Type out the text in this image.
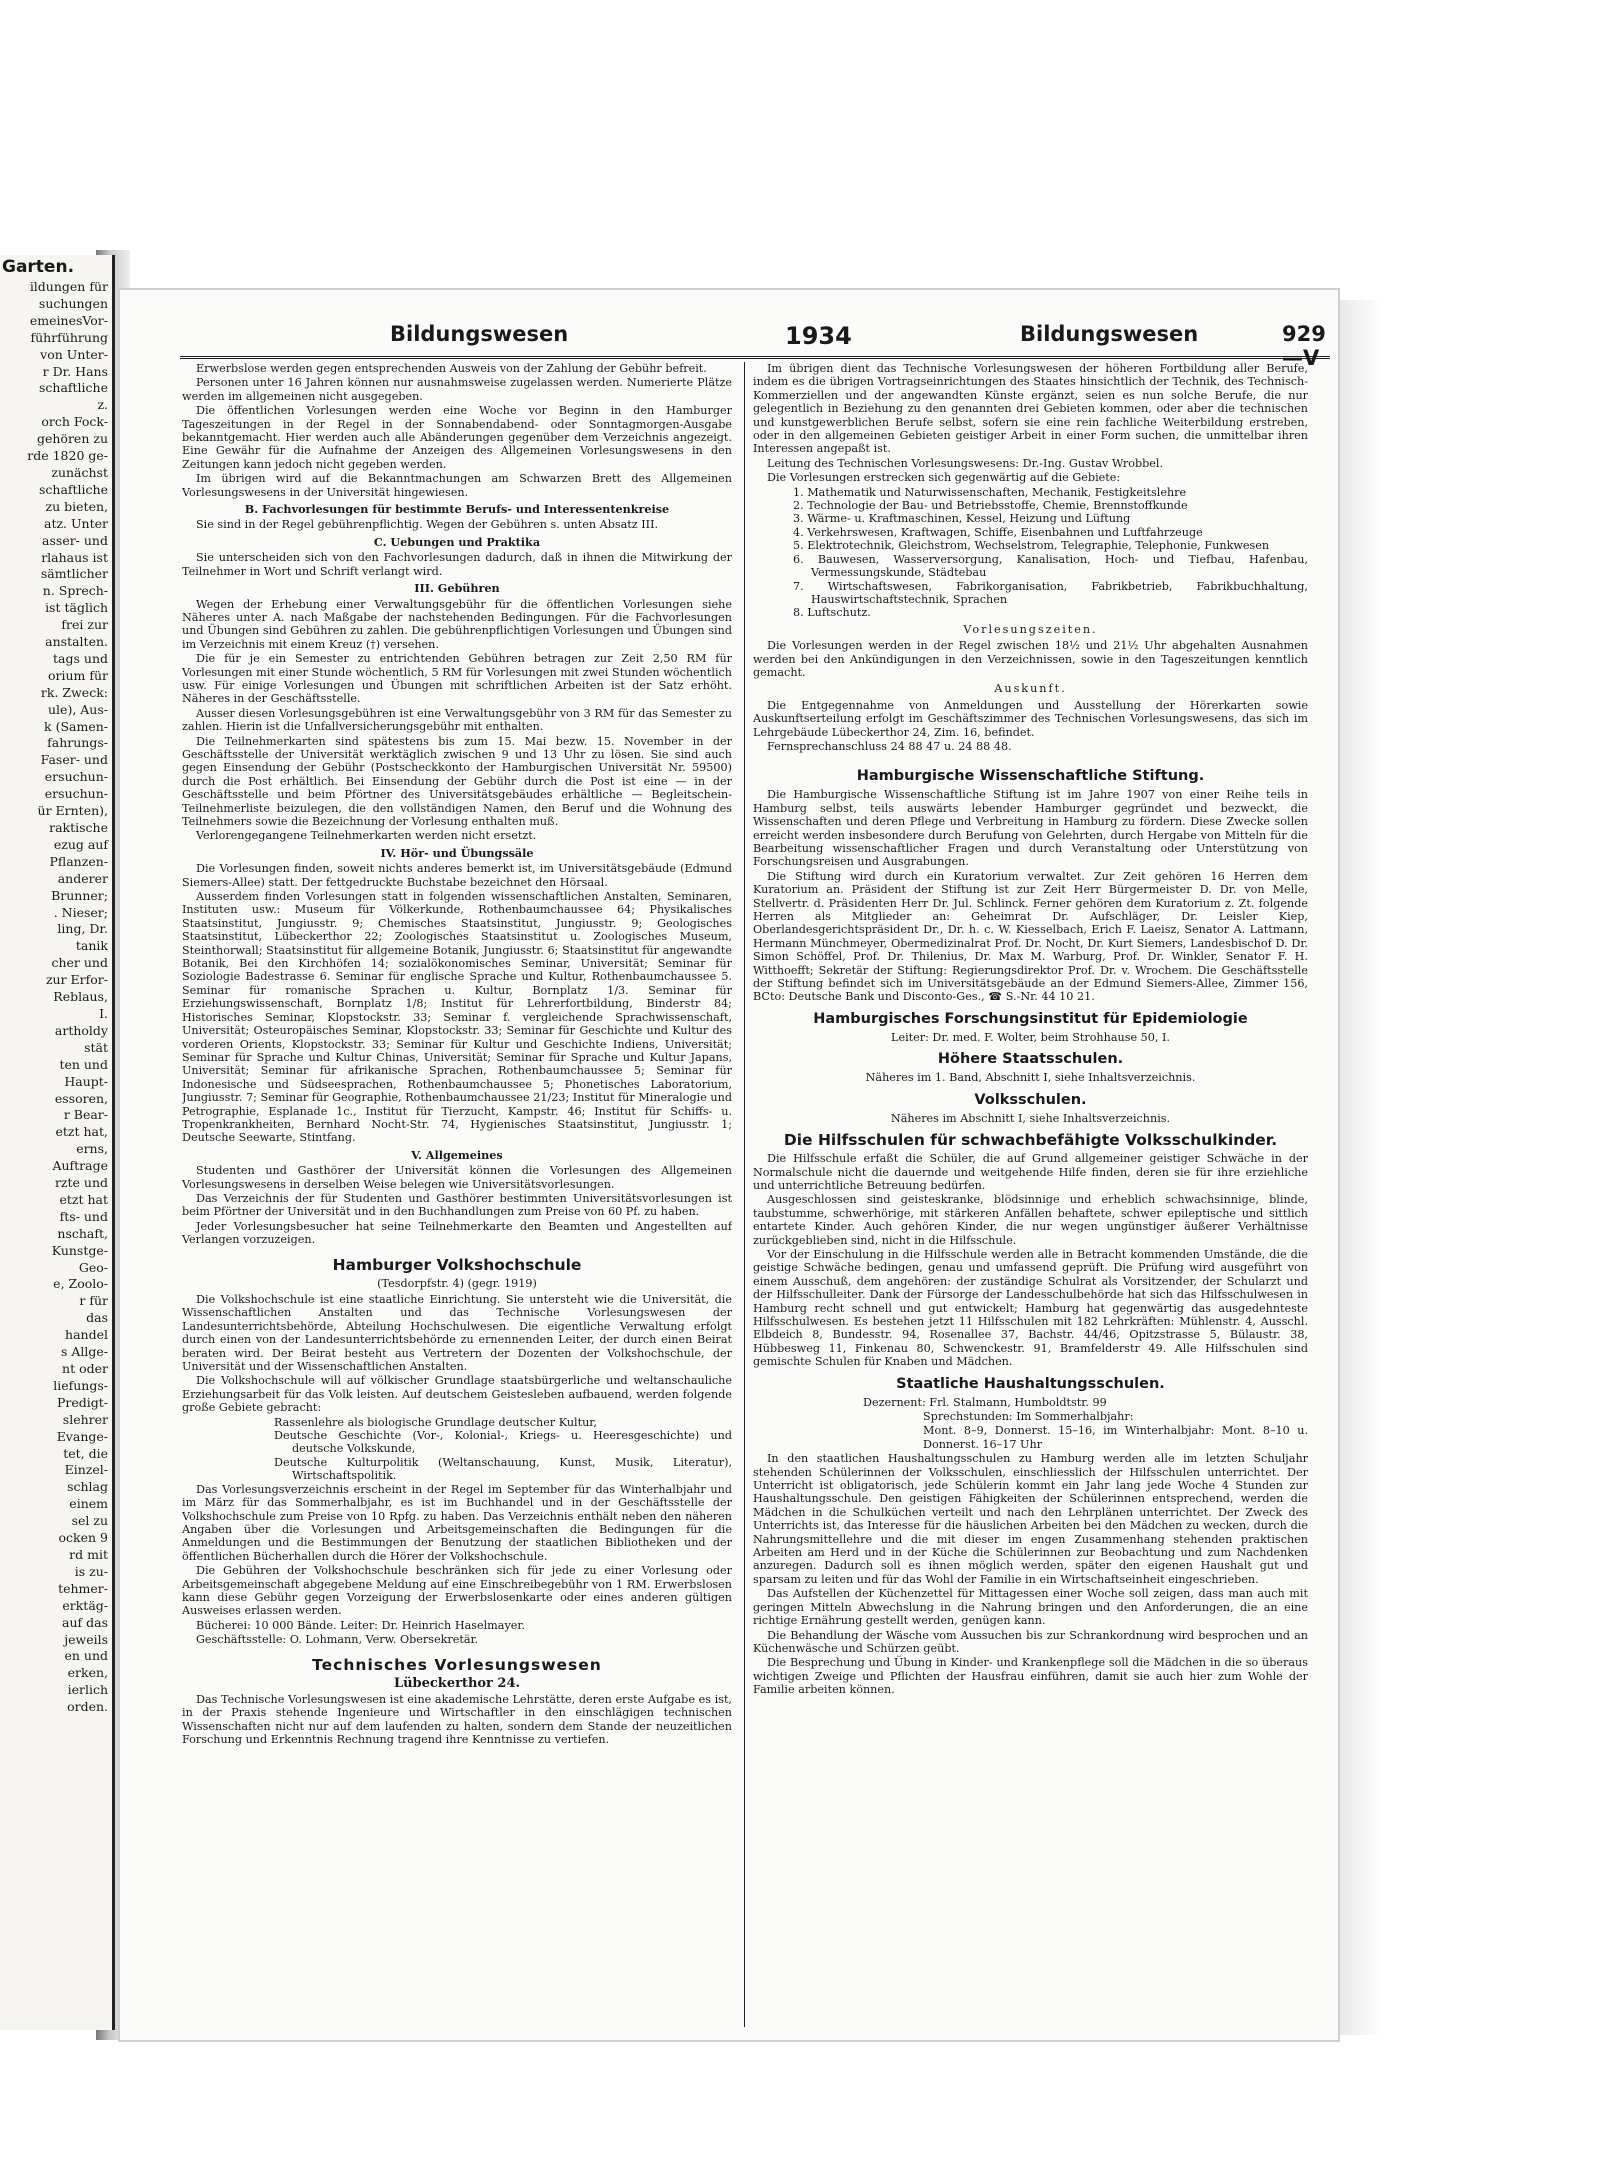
Garten.

ildungen für

suchungen

emeinesVor-

führführung

von Unter-

r Dr. Hans

schaftliche

z.

orch Fock-

gehören zu

rde 1820 ge-

zunächst

schaftliche

zu bieten,

atz. Unter

asser- und

rlahaus ist

sämtlicher

n. Sprech-

ist täglich

frei zur

anstalten.

tags und

orium für

rk. Zweck:

ule), Aus-

k (Samen-

fahrungs-

Faser- und

ersuchun-

ersuchun-

ür Ernten),

raktische

ezug auf

Pflanzen-

anderer

Brunner;

. Nieser;

ling, Dr.

tanik

cher und

zur Erfor-

Reblaus,

I.

artholdy

stät

ten und

Haupt-

essoren,

r Bear-

etzt hat,

erns,

Auftrage

rzte und

etzt hat

fts- und

nschaft,

Kunstge-

Geo-

e, Zoolo-

r für

das

handel

s Allge-

nt oder

liefungs-

Predigt-

slehrer

Evange-

tet, die

Einzel-

schlag

einem

sel zu

ocken 9

rd mit

is zu-

tehmer-

erktäg-

auf das

jeweils

en und

erken,

ierlich

orden.

Bildungswesen	1934	Bildungswesen	929—V

Erwerbslose werden gegen entsprechenden Ausweis von der Zahlung der Gebühr befreit.

Personen unter 16 Jahren können nur ausnahmsweise zugelassen werden. Numerierte Plätze werden im allgemeinen nicht ausgegeben.

Die öffentlichen Vorlesungen werden eine Woche vor Beginn in den Hamburger Tageszeitungen in der Regel in der Sonnabendabend- oder Sonntagmorgen-Ausgabe bekanntgemacht. Hier werden auch alle Abänderungen gegenüber dem Verzeichnis angezeigt. Eine Gewähr für die Aufnahme der Anzeigen des Allgemeinen Vorlesungswesens in den Zeitungen kann jedoch nicht gegeben werden.

Im übrigen wird auf die Bekanntmachungen am Schwarzen Brett des Allgemeinen Vorlesungswesens in der Universität hingewiesen.

B. Fachvorlesungen für bestimmte Berufs- und Interessentenkreise

Sie sind in der Regel gebührenpflichtig. Wegen der Gebühren s. unten Absatz III.

C. Uebungen und Praktika

Sie unterscheiden sich von den Fachvorlesungen dadurch, daß in ihnen die Mitwirkung der Teilnehmer in Wort und Schrift verlangt wird.

III. Gebühren

Wegen der Erhebung einer Verwaltungsgebühr für die öffentlichen Vorlesungen siehe Näheres unter A. nach Maßgabe der nachstehenden Bedingungen. Für die Fachvorlesungen und Übungen sind Gebühren zu zahlen. Die gebührenpflichtigen Vorlesungen und Übungen sind im Verzeichnis mit einem Kreuz (†) versehen.

Die für je ein Semester zu entrichtenden Gebühren betragen zur Zeit 2,50 RM für Vorlesungen mit einer Stunde wöchentlich, 5 RM für Vorlesungen mit zwei Stunden wöchentlich usw. Für einige Vorlesungen und Übungen mit schriftlichen Arbeiten ist der Satz erhöht. Näheres in der Geschäftsstelle.

Ausser diesen Vorlesungsgebühren ist eine Verwaltungsgebühr von 3 RM für das Semester zu zahlen. Hierin ist die Unfallversicherungsgebühr mit enthalten.

Die Teilnehmerkarten sind spätestens bis zum 15. Mai bezw. 15. November in der Geschäftsstelle der Universität werktäglich zwischen 9 und 13 Uhr zu lösen. Sie sind auch gegen Einsendung der Gebühr (Postscheckkonto der Hamburgischen Universität Nr. 59500) durch die Post erhältlich. Bei Einsendung der Gebühr durch die Post ist eine — in der Geschäftsstelle und beim Pförtner des Universitätsgebäudes erhältliche — Begleitschein-Teilnehmerliste beizulegen, die den vollständigen Namen, den Beruf und die Wohnung des Teilnehmers sowie die Bezeichnung der Vorlesung enthalten muß.

Verlorengegangene Teilnehmerkarten werden nicht ersetzt.

IV. Hör- und Übungssäle

Die Vorlesungen finden, soweit nichts anderes bemerkt ist, im Universitätsgebäude (Edmund Siemers-Allee) statt. Der fettgedruckte Buchstabe bezeichnet den Hörsaal.

Ausserdem finden Vorlesungen statt in folgenden wissenschaftlichen Anstalten, Seminaren, Instituten usw.: Museum für Völkerkunde, Rothenbaumchaussee 64; Physikalisches Staatsinstitut, Jungiusstr. 9; Chemisches Staatsinstitut, Jungiusstr. 9; Geologisches Staatsinstitut, Lübeckerthor 22; Zoologisches Staatsinstitut u. Zoologisches Museum, Steinthorwall; Staatsinstitut für allgemeine Botanik, Jungiusstr. 6; Staatsinstitut für angewandte Botanik, Bei den Kirchhöfen 14; sozialökonomisches Seminar, Universität; Seminar für Soziologie Badestrasse 6. Seminar für englische Sprache und Kultur, Rothenbaumchaussee 5. Seminar für romanische Sprachen u. Kultur, Bornplatz 1/3. Seminar für Erziehungswissenschaft, Bornplatz 1/8; Institut für Lehrerfortbildung, Binderstr 84; Historisches Seminar, Klopstockstr. 33; Seminar f. vergleichende Sprachwissenschaft, Universität; Osteuropäisches Seminar, Klopstockstr. 33; Seminar für Geschichte und Kultur des vorderen Orients, Klopstockstr. 33; Seminar für Kultur und Geschichte Indiens, Universität; Seminar für Sprache und Kultur Chinas, Universität; Seminar für Sprache und Kultur Japans, Universität; Seminar für afrikanische Sprachen, Rothenbaumchaussee 5; Seminar für Indonesische und Südseesprachen, Rothenbaumchaussee 5; Phonetisches Laboratorium, Jungiusstr. 7; Seminar für Geographie, Rothenbaumchaussee 21/23; Institut für Mineralogie und Petrographie, Esplanade 1c., Institut für Tierzucht, Kampstr. 46; Institut für Schiffs- u. Tropenkrankheiten, Bernhard Nocht-Str. 74, Hygienisches Staatsinstitut, Jungiusstr. 1; Deutsche Seewarte, Stintfang.

V. Allgemeines

Studenten und Gasthörer der Universität können die Vorlesungen des Allgemeinen Vorlesungswesens in derselben Weise belegen wie Universitätsvorlesungen.

Das Verzeichnis der für Studenten und Gasthörer bestimmten Universitätsvorlesungen ist beim Pförtner der Universität und in den Buchhandlungen zum Preise von 60 Pf. zu haben.

Jeder Vorlesungsbesucher hat seine Teilnehmerkarte den Beamten und Angestellten auf Verlangen vorzuzeigen.

Hamburger Volkshochschule

(Tesdorpfstr. 4) (gegr. 1919)

Die Volkshochschule ist eine staatliche Einrichtung. Sie untersteht wie die Universität, die Wissenschaftlichen Anstalten und das Technische Vorlesungswesen der Landesunterrichtsbehörde, Abteilung Hochschulwesen. Die eigentliche Verwaltung erfolgt durch einen von der Landesunterrichtsbehörde zu ernennenden Leiter, der durch einen Beirat beraten wird. Der Beirat besteht aus Vertretern der Dozenten der Volkshochschule, der Universität und der Wissenschaftlichen Anstalten.

Die Volkshochschule will auf völkischer Grundlage staatsbürgerliche und weltanschauliche Erziehungsarbeit für das Volk leisten. Auf deutschem Geistesleben aufbauend, werden folgende große Gebiete gebracht:

Rassenlehre als biologische Grundlage deutscher Kultur,

Deutsche Geschichte (Vor-, Kolonial-, Kriegs- u. Heeresgeschichte) und deutsche Volkskunde,

Deutsche Kulturpolitik (Weltanschauung, Kunst, Musik, Literatur), Wirtschaftspolitik.

Das Vorlesungsverzeichnis erscheint in der Regel im September für das Winterhalbjahr und im März für das Sommerhalbjahr, es ist im Buchhandel und in der Geschäftsstelle der Volkshochschule zum Preise von 10 Rpfg. zu haben. Das Verzeichnis enthält neben den näheren Angaben über die Vorlesungen und Arbeitsgemeinschaften die Bedingungen für die Anmeldungen und die Bestimmungen der Benutzung der staatlichen Bibliotheken und der öffentlichen Bücherhallen durch die Hörer der Volkshochschule.

Die Gebühren der Volkshochschule beschränken sich für jede zu einer Vorlesung oder Arbeitsgemeinschaft abgegebene Meldung auf eine Einschreibegebühr von 1 RM. Erwerbslosen kann diese Gebühr gegen Vorzeigung der Erwerbslosenkarte oder eines anderen gültigen Ausweises erlassen werden.

Bücherei: 10 000 Bände. Leiter: Dr. Heinrich Haselmayer.

Geschäftsstelle: O. Lohmann, Verw. Obersekretär.

Technisches Vorlesungswesen

Lübeckerthor 24.

Das Technische Vorlesungswesen ist eine akademische Lehrstätte, deren erste Aufgabe es ist, in der Praxis stehende Ingenieure und Wirtschaftler in den einschlägigen technischen Wissenschaften nicht nur auf dem laufenden zu halten, sondern dem Stande der neuzeitlichen Forschung und Erkenntnis Rechnung tragend ihre Kenntnisse zu vertiefen.

Im übrigen dient das Technische Vorlesungswesen der höheren Fortbildung aller Berufe, indem es die übrigen Vortragseinrichtungen des Staates hinsichtlich der Technik, des Technisch-Kommerziellen und der angewandten Künste ergänzt, seien es nun solche Berufe, die nur gelegentlich in Beziehung zu den genannten drei Gebieten kommen, oder aber die technischen und kunstgewerblichen Berufe selbst, sofern sie eine rein fachliche Weiterbildung erstreben, oder in den allgemeinen Gebieten geistiger Arbeit in einer Form suchen, die unmittelbar ihren Interessen angepaßt ist.

Leitung des Technischen Vorlesungswesens: Dr.-Ing. Gustav Wrobbel.

Die Vorlesungen erstrecken sich gegenwärtig auf die Gebiete:

1. Mathematik und Naturwissenschaften, Mechanik, Festigkeitslehre

2. Technologie der Bau- und Betriebsstoffe, Chemie, Brennstoffkunde

3. Wärme- u. Kraftmaschinen, Kessel, Heizung und Lüftung

4. Verkehrswesen, Kraftwagen, Schiffe, Eisenbahnen und Luftfahrzeuge

5. Elektrotechnik, Gleichstrom, Wechselstrom, Telegraphie, Telephonie, Funkwesen

6. Bauwesen, Wasserversorgung, Kanalisation, Hoch- und Tiefbau, Hafenbau, Vermessungskunde, Städtebau

7. Wirtschaftswesen, Fabrikorganisation, Fabrikbetrieb, Fabrikbuchhaltung, Hauswirtschaftstechnik, Sprachen

8. Luftschutz.

Vorlesungszeiten.

Die Vorlesungen werden in der Regel zwischen 18½ und 21½ Uhr abgehalten Ausnahmen werden bei den Ankündigungen in den Verzeichnissen, sowie in den Tageszeitungen kenntlich gemacht.

Auskunft.

Die Entgegennahme von Anmeldungen und Ausstellung der Hörerkarten sowie Auskunftserteilung erfolgt im Geschäftszimmer des Technischen Vorlesungswesens, das sich im Lehrgebäude Lübeckerthor 24, Zim. 16, befindet.

Fernsprechanschluss 24 88 47 u. 24 88 48.

Hamburgische Wissenschaftliche Stiftung.

Die Hamburgische Wissenschaftliche Stiftung ist im Jahre 1907 von einer Reihe teils in Hamburg selbst, teils auswärts lebender Hamburger gegründet und bezweckt, die Wissenschaften und deren Pflege und Verbreitung in Hamburg zu fördern. Diese Zwecke sollen erreicht werden insbesondere durch Berufung von Gelehrten, durch Hergabe von Mitteln für die Bearbeitung wissenschaftlicher Fragen und durch Veranstaltung oder Unterstützung von Forschungsreisen und Ausgrabungen.

Die Stiftung wird durch ein Kuratorium verwaltet. Zur Zeit gehören 16 Herren dem Kuratorium an. Präsident der Stiftung ist zur Zeit Herr Bürgermeister D. Dr. von Melle, Stellvertr. d. Präsidenten Herr Dr. Jul. Schlinck. Ferner gehören dem Kuratorium z. Zt. folgende Herren als Mitglieder an: Geheimrat Dr. Aufschläger, Dr. Leisler Kiep, Oberlandesgerichtspräsident Dr., Dr. h. c. W. Kiesselbach, Erich F. Laeisz, Senator A. Lattmann, Hermann Münchmeyer, Obermedizinalrat Prof. Dr. Nocht, Dr. Kurt Siemers, Landesbischof D. Dr. Simon Schöffel, Prof. Dr. Thilenius, Dr. Max M. Warburg, Prof. Dr. Winkler, Senator F. H. Witthoefft; Sekretär der Stiftung: Regierungsdirektor Prof. Dr. v. Wrochem. Die Geschäftsstelle der Stiftung befindet sich im Universitätsgebäude an der Edmund Siemers-Allee, Zimmer 156, BCto: Deutsche Bank und Disconto-Ges., ☎ S.-Nr. 44 10 21.

Hamburgisches Forschungsinstitut für Epidemiologie

Leiter: Dr. med. F. Wolter, beim Strohhause 50, I.

Höhere Staatsschulen.

Näheres im 1. Band, Abschnitt I, siehe Inhaltsverzeichnis.

Volksschulen.

Näheres im Abschnitt I, siehe Inhaltsverzeichnis.

Die Hilfsschulen für schwachbefähigte Volksschulkinder.

Die Hilfsschule erfaßt die Schüler, die auf Grund allgemeiner geistiger Schwäche in der Normalschule nicht die dauernde und weitgehende Hilfe finden, deren sie für ihre erziehliche und unterrichtliche Betreuung bedürfen.

Ausgeschlossen sind geisteskranke, blödsinnige und erheblich schwachsinnige, blinde, taubstumme, schwerhörige, mit stärkeren Anfällen behaftete, schwer epileptische und sittlich entartete Kinder. Auch gehören Kinder, die nur wegen ungünstiger äußerer Verhältnisse zurückgeblieben sind, nicht in die Hilfsschule.

Vor der Einschulung in die Hilfsschule werden alle in Betracht kommenden Umstände, die die geistige Schwäche bedingen, genau und umfassend geprüft. Die Prüfung wird ausgeführt von einem Ausschuß, dem angehören: der zuständige Schulrat als Vorsitzender, der Schularzt und der Hilfsschulleiter. Dank der Fürsorge der Landesschulbehörde hat sich das Hilfsschulwesen in Hamburg recht schnell und gut entwickelt; Hamburg hat gegenwärtig das ausgedehnteste Hilfsschulwesen. Es bestehen jetzt 11 Hilfsschulen mit 182 Lehrkräften: Mühlenstr. 4, Ausschl. Elbdeich 8, Bundesstr. 94, Rosenallee 37, Bachstr. 44/46, Opitzstrasse 5, Bülaustr. 38, Hübbesweg 11, Finkenau 80, Schwenckestr. 91, Bramfelderstr 49. Alle Hilfsschulen sind gemischte Schulen für Knaben und Mädchen.

Staatliche Haushaltungsschulen.

Dezernent: Frl. Stalmann, Humboldtstr. 99

Sprechstunden: Im Sommerhalbjahr:

Mont. 8–9, Donnerst. 15–16, im Winterhalbjahr: Mont. 8–10 u. Donnerst. 16–17 Uhr

In den staatlichen Haushaltungsschulen zu Hamburg werden alle im letzten Schuljahr stehenden Schülerinnen der Volksschulen, einschliesslich der Hilfsschulen unterrichtet. Der Unterricht ist obligatorisch, jede Schülerin kommt ein Jahr lang jede Woche 4 Stunden zur Haushaltungsschule. Den geistigen Fähigkeiten der Schülerinnen entsprechend, werden die Mädchen in die Schulküchen verteilt und nach den Lehrplänen unterrichtet. Der Zweck des Unterrichts ist, das Interesse für die häuslichen Arbeiten bei den Mädchen zu wecken, durch die Nahrungsmittellehre und die mit dieser im engen Zusammenhang stehenden praktischen Arbeiten am Herd und in der Küche die Schülerinnen zur Beobachtung und zum Nachdenken anzuregen. Dadurch soll es ihnen möglich werden, später den eigenen Haushalt gut und sparsam zu leiten und für das Wohl der Familie in ein Wirtschaftseinheit eingeschrieben.

Das Aufstellen der Küchenzettel für Mittagessen einer Woche soll zeigen, dass man auch mit geringen Mitteln Abwechslung in die Nahrung bringen und den Anforderungen, die an eine richtige Ernährung gestellt werden, genügen kann.

Die Behandlung der Wäsche vom Aussuchen bis zur Schrankordnung wird besprochen und an Küchenwäsche und Schürzen geübt.

Die Besprechung und Übung in Kinder- und Krankenpflege soll die Mädchen in die so überaus wichtigen Zweige und Pflichten der Hausfrau einführen, damit sie auch hier zum Wohle der Familie arbeiten können.
